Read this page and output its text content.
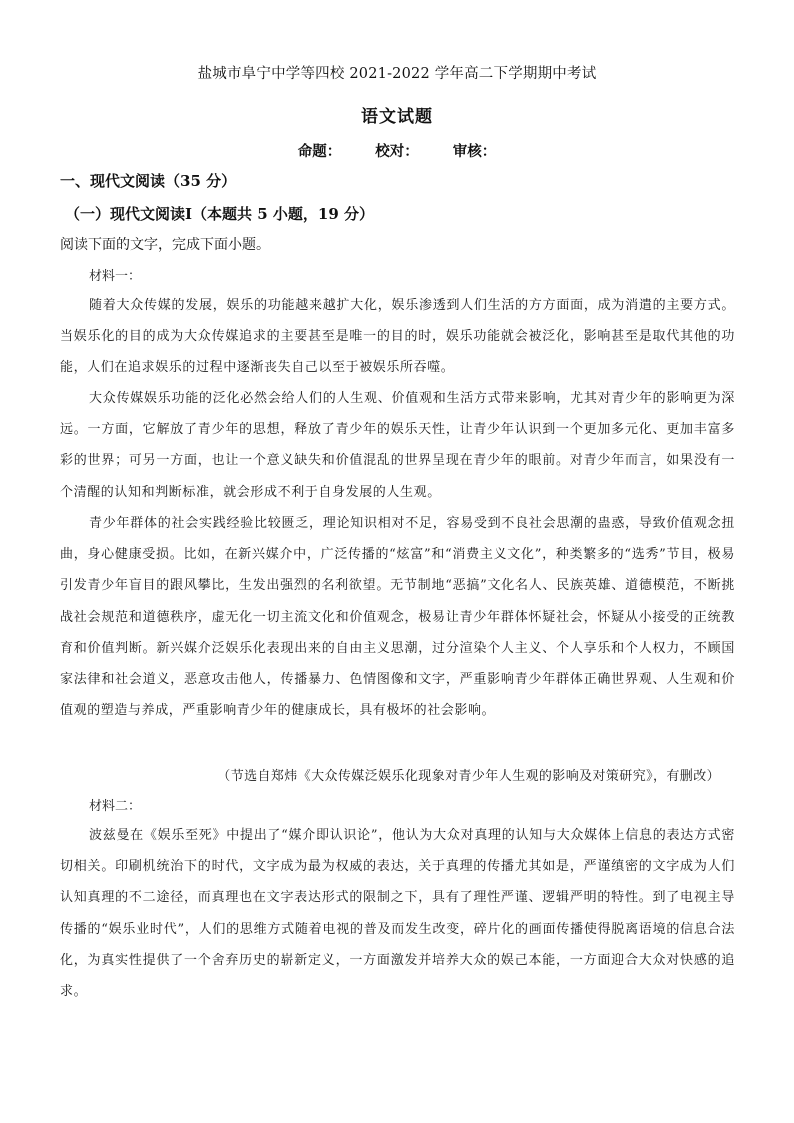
盐城市阜宁中学等四校 2021-2022 学年高二下学期期中考试
语文试题
命题： 校对： 审核：
一、现代文阅读（35 分）
（一）现代文阅读Ⅰ（本题共 5 小题，19 分）
阅读下面的文字，完成下面小题。
材料一：

随着大众传媒的发展，娱乐的功能越来越扩大化，娱乐渗透到人们生活的方方面面，成为消遣的主要方式。当娱乐化的目的成为大众传媒追求的主要甚至是唯一的目的时，娱乐功能就会被泛化，影响甚至是取代其他的功能，人们在追求娱乐的过程中逐渐丧失自己以至于被娱乐所吞噬。

大众传媒娱乐功能的泛化必然会给人们的人生观、价值观和生活方式带来影响，尤其对青少年的影响更为深远。一方面，它解放了青少年的思想，释放了青少年的娱乐天性，让青少年认识到一个更加多元化、更加丰富多彩的世界；可另一方面，也让一个意义缺失和价值混乱的世界呈现在青少年的眼前。对青少年而言，如果没有一个清醒的认知和判断标准，就会形成不利于自身发展的人生观。

青少年群体的社会实践经验比较匮乏，理论知识相对不足，容易受到不良社会思潮的蛊惑，导致价值观念扭曲，身心健康受损。比如，在新兴媒介中，广泛传播的“炫富”和“消费主义文化”，种类繁多的“选秀”节目，极易引发青少年盲目的跟风攀比，生发出强烈的名利欲望。无节制地“恶搞”文化名人、民族英雄、道德模范，不断挑战社会规范和道德秩序，虚无化一切主流文化和价值观念，极易让青少年群体怀疑社会，怀疑从小接受的正统教育和价值判断。新兴媒介泛娱乐化表现出来的自由主义思潮，过分渲染个人主义、个人享乐和个人权力，不顾国家法律和社会道义，恶意攻击他人，传播暴力、色情图像和文字，严重影响青少年群体正确世界观、人生观和价值观的塑造与养成，严重影响青少年的健康成长，具有极坏的社会影响。

（节选自郑炜《大众传媒泛娱乐化现象对青少年人生观的影响及对策研究》，有删改）
材料二：

波兹曼在《娱乐至死》中提出了“媒介即认识论”，他认为大众对真理的认知与大众媒体上信息的表达方式密切相关。印刷机统治下的时代，文字成为最为权威的表达，关于真理的传播尤其如是，严谨缜密的文字成为人们认知真理的不二途径，而真理也在文字表达形式的限制之下，具有了理性严谨、逻辑严明的特性。到了电视主导传播的“娱乐业时代”，人们的思维方式随着电视的普及而发生改变，碎片化的画面传播使得脱离语境的信息合法化，为真实性提供了一个舍弃历史的崭新定义，一方面激发并培养大众的娱己本能，一方面迎合大众对快感的追求。
